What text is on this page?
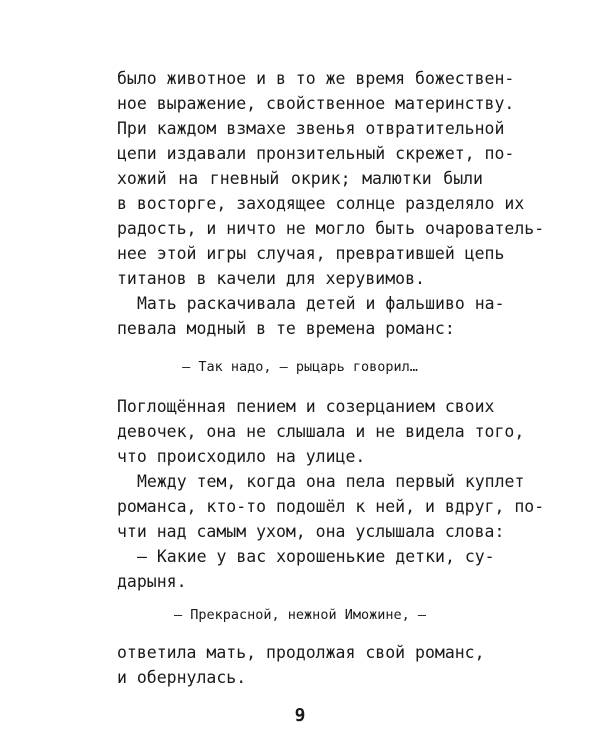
было животное и в то же время божествен-
ное выражение, свойственное материнству.
При каждом взмахе звенья отвратительной
цепи издавали пронзительный скрежет, по-
хожий на гневный окрик; малютки были
в восторге, заходящее солнце разделяло их
радость, и ничто не могло быть очарователь-
нее этой игры случая, превратившей цепь
титанов в качели для херувимов.
Мать раскачивала детей и фальшиво на-
певала модный в те времена романс:
— Так надо, — рыцарь говорил…
Поглощённая пением и созерцанием своих
девочек, она не слышала и не видела того,
что происходило на улице.
Между тем, когда она пела первый куплет
романса, кто-то подошёл к ней, и вдруг, по-
чти над самым ухом, она услышала слова:
— Какие у вас хорошенькие детки, су-
дарыня.
— Прекрасной, нежной Иможине, —
ответила мать, продолжая свой романс,
и обернулась.
9
